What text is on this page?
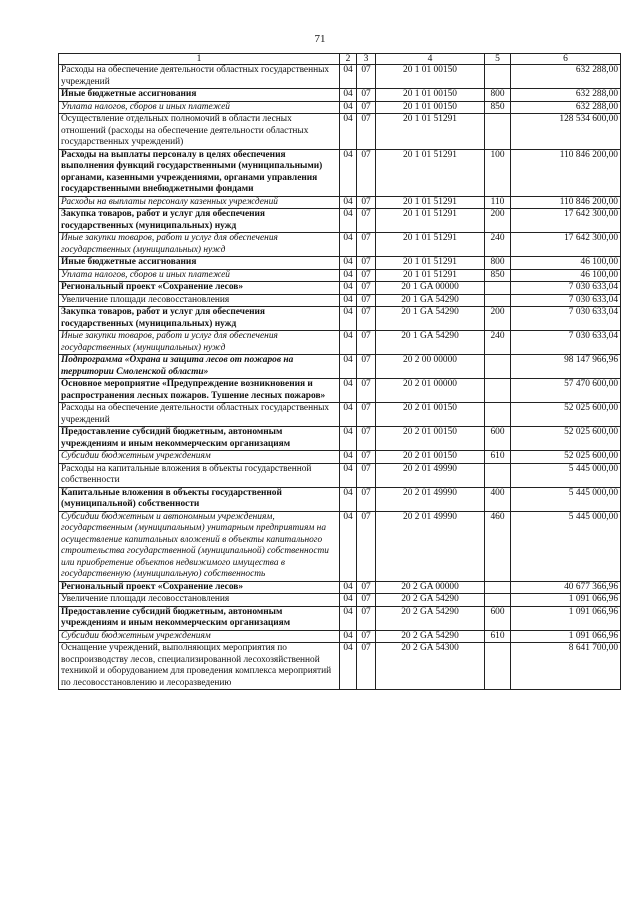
71
1	2	3	4	5	6
Расходы на обеспечение деятельности областных государственных учреждений	04	07	20 1 01 00150		632 288,00
Иные бюджетные ассигнования	04	07	20 1 01 00150	800	632 288,00
Уплата налогов, сборов и иных платежей	04	07	20 1 01 00150	850	632 288,00
Осуществление отдельных полномочий в области лесных отношений (расходы на обеспечение деятельности областных государственных учреждений)	04	07	20 1 01 51291		128 534 600,00
Расходы на выплаты персоналу в целях обеспечения выполнения функций государственными (муниципальными) органами, казенными учреждениями, органами управления государственными внебюджетными фондами	04	07	20 1 01 51291	100	110 846 200,00
Расходы на выплаты персоналу казенных учреждений	04	07	20 1 01 51291	110	110 846 200,00
Закупка товаров, работ и услуг для обеспечения государственных (муниципальных) нужд	04	07	20 1 01 51291	200	17 642 300,00
Иные закупки товаров, работ и услуг для обеспечения государственных (муниципальных) нужд	04	07	20 1 01 51291	240	17 642 300,00
Иные бюджетные ассигнования	04	07	20 1 01 51291	800	46 100,00
Уплата налогов, сборов и иных платежей	04	07	20 1 01 51291	850	46 100,00
Региональный проект «Сохранение лесов»	04	07	20 1 GA 00000		7 030 633,04
Увеличение площади лесовосстановления	04	07	20 1 GA 54290		7 030 633,04
Закупка товаров, работ и услуг для обеспечения государственных (муниципальных) нужд	04	07	20 1 GA 54290	200	7 030 633,04
Иные закупки товаров, работ и услуг для обеспечения государственных (муниципальных) нужд	04	07	20 1 GA 54290	240	7 030 633,04
Подпрограмма «Охрана и защита лесов от пожаров на территории Смоленской области»	04	07	20 2 00 00000		98 147 966,96
Основное мероприятие «Предупреждение возникновения и распространения лесных пожаров. Тушение лесных пожаров»	04	07	20 2 01 00000		57 470 600,00
Расходы на обеспечение деятельности областных государственных учреждений	04	07	20 2 01 00150		52 025 600,00
Предоставление субсидий бюджетным, автономным учреждениям и иным некоммерческим организациям	04	07	20 2 01 00150	600	52 025 600,00
Субсидии бюджетным учреждениям	04	07	20 2 01 00150	610	52 025 600,00
Расходы на капитальные вложения в объекты государственной собственности	04	07	20 2 01 49990		5 445 000,00
Капитальные вложения в объекты государственной (муниципальной) собственности	04	07	20 2 01 49990	400	5 445 000,00
Субсидии бюджетным и автономным учреждениям, государственным (муниципальным) унитарным предприятиям на осуществление капитальных вложений в объекты капитального строительства государственной (муниципальной) собственности или приобретение объектов недвижимого имущества в государственную (муниципальную) собственность	04	07	20 2 01 49990	460	5 445 000,00
Региональный проект «Сохранение лесов»	04	07	20 2 GA 00000		40 677 366,96
Увеличение площади лесовосстановления	04	07	20 2 GA 54290		1 091 066,96
Предоставление субсидий бюджетным, автономным учреждениям и иным некоммерческим организациям	04	07	20 2 GA 54290	600	1 091 066,96
Субсидии бюджетным учреждениям	04	07	20 2 GA 54290	610	1 091 066,96
Оснащение учреждений, выполняющих мероприятия по воспроизводству лесов, специализированной лесохозяйственной техникой и оборудованием для проведения комплекса мероприятий по лесовосстановлению и лесоразведению	04	07	20 2 GA 54300		8 641 700,00
